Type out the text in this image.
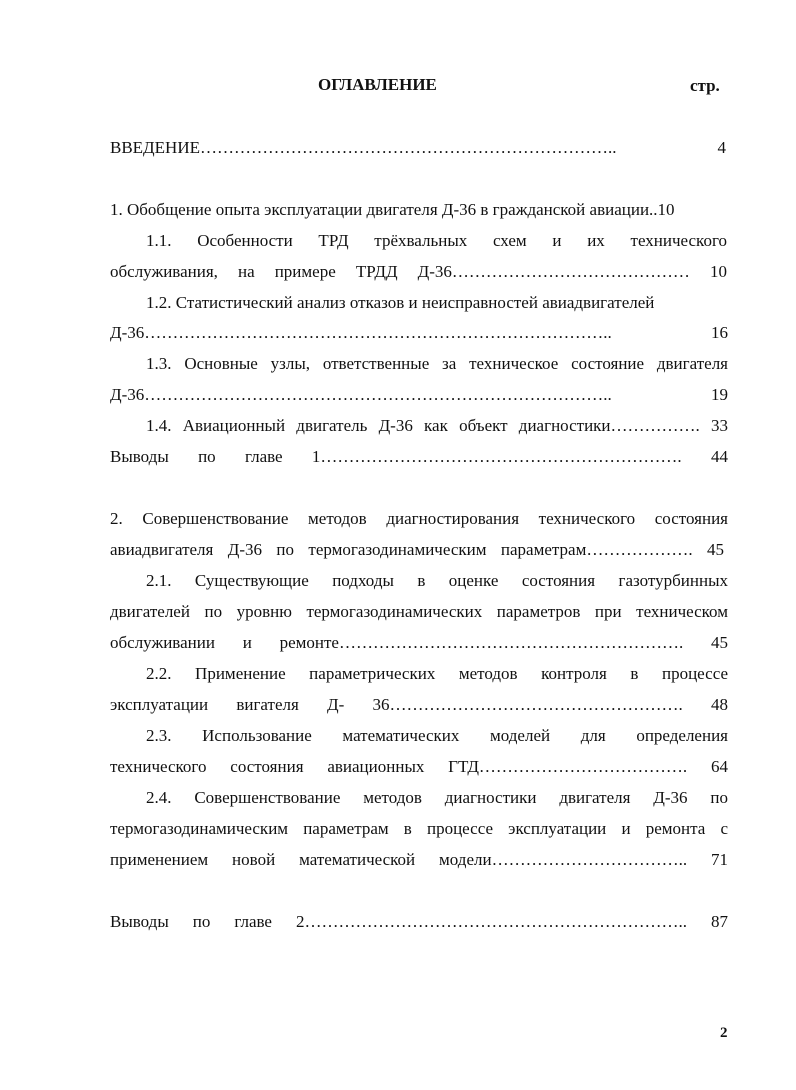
ОГЛАВЛЕНИЕ	стр.
ВВЕДЕНИЕ……………………………………………………………….. 4
1. Обобщение опыта эксплуатации двигателя Д-36 в гражданской авиации..10
1.1. Особенности ТРД трёхвальных схем и их технического
обслуживания, на примере ТРДД Д-36…………………………………… 10
1.2. Статистический анализ отказов и неисправностей авиадвигателей
Д-36……………………………………………………………………….. 16
1.3. Основные узлы, ответственные за техническое состояние двигателя
Д-36……………………………………………………………………….. 19
1.4. Авиационный двигатель Д-36 как объект диагностики……………. 33
Выводы по главе 1………………………………………………………. 44
2. Совершенствование методов диагностирования технического состояния
авиадвигателя Д-36 по термогазодинамическим параметрам………………. 45
2.1. Существующие подходы в оценке состояния газотурбинных
двигателей по уровню термогазодинамических параметров при техническом
обслуживании и ремонте……………………………………………………. 45
2.2. Применение параметрических методов контроля в процессе
эксплуатации вигателя Д- 36……………………………………………. 48
2.3. Использование математических моделей для определения
технического состояния авиационных ГТД………………………………. 64
2.4. Совершенствование методов диагностики двигателя Д-36 по
термогазодинамическим параметрам в процессе эксплуатации и ремонта с
применением новой математической модели…………………………….. 71
Выводы по главе 2………………………………………………………….. 87
2
